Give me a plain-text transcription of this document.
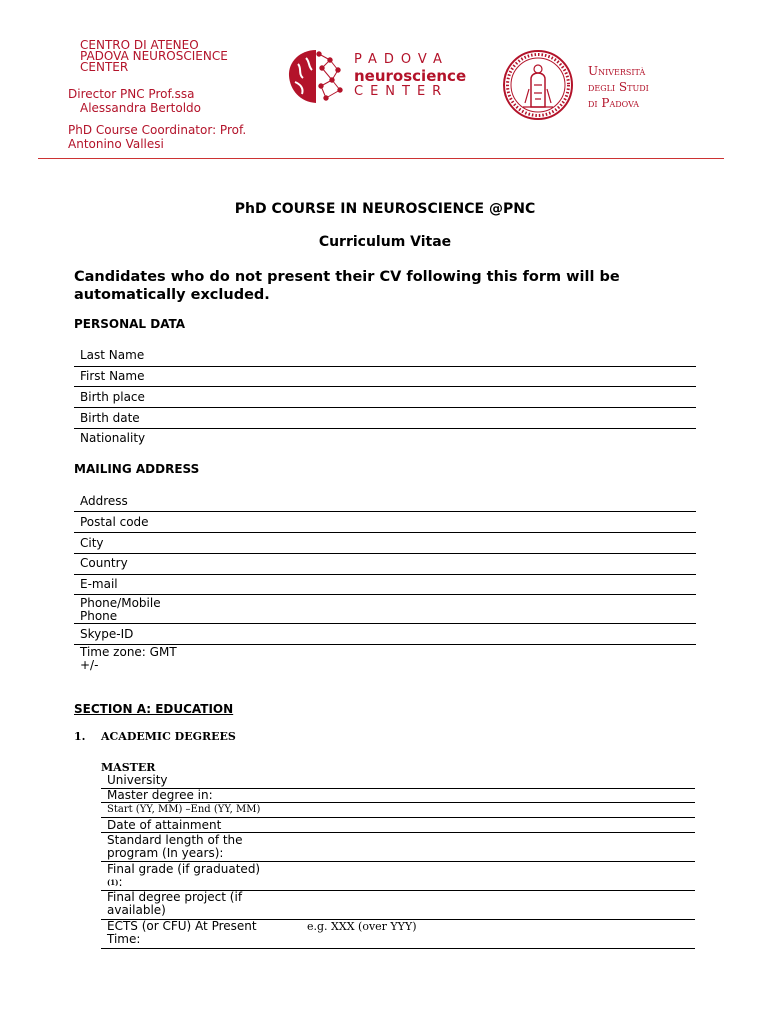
CENTRO DI ATENEO
PADOVA NEUROSCIENCE
CENTER
Director PNC Prof.ssa
Alessandra Bertoldo
PhD Course Coordinator: Prof.
Antonino Vallesi
PADOVA
neuroscience
CENTER
Università
degli Studi
di Padova
PhD COURSE IN NEUROSCIENCE @PNC
Curriculum Vitae
Candidates who do not present their CV following this form will be automatically excluded.
PERSONAL DATA
Last Name
First Name
Birth place
Birth date
Nationality
MAILING ADDRESS
Address
Postal code
City
Country
E-mail
Phone/Mobile Phone
Skype-ID
Time zone: GMT +/-
SECTION A: EDUCATION
1. ACADEMIC DEGREES
MASTER
University
Master degree in:
Start (YY, MM) –End (YY, MM)
Date of attainment
Standard length of the program (In years):
Final grade (if graduated)
$^{(1)}$:
Final degree project (if available)
ECTS (or CFU) At Present Time:
e.g. XXX (over YYY)
